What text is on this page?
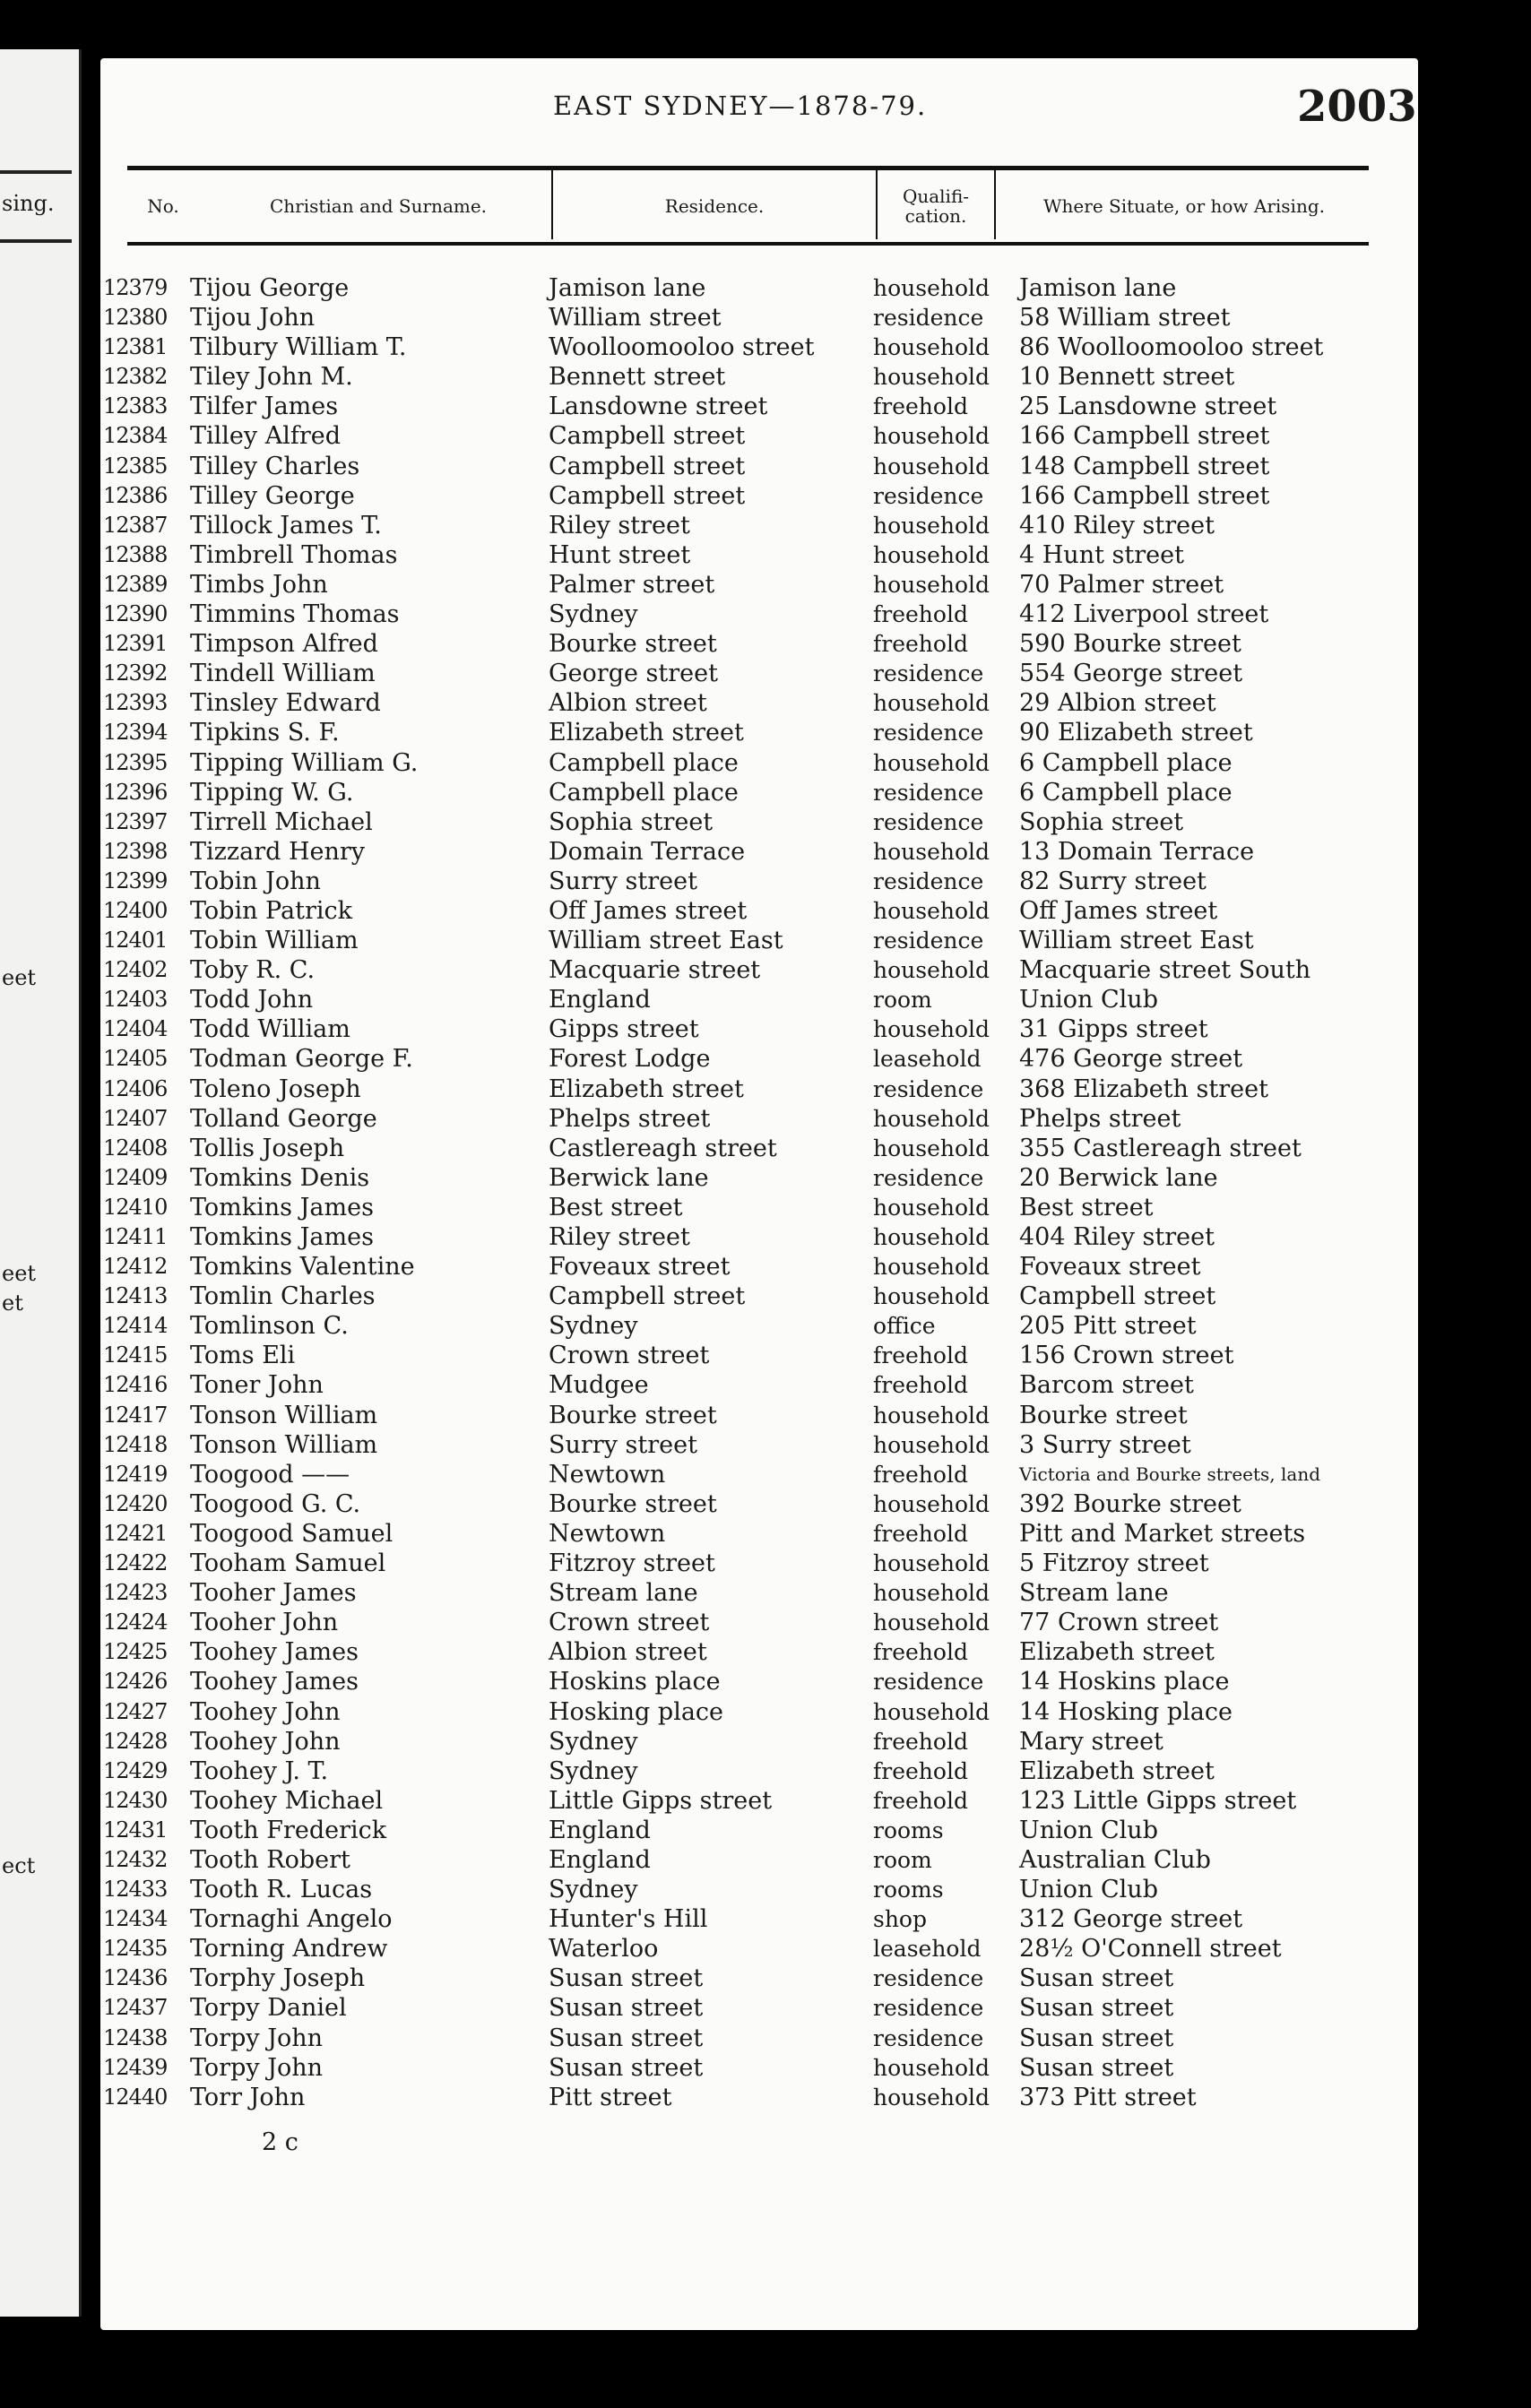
sing.
eet
eet
et
ect
EAST SYDNEY—1878-79.	2003
No.	Christian and Surname.	Residence.	Qualifi-
cation.	Where Situate, or how Arising.
12379 Tijou George	Jamison lane	household Jamison lane
12380 Tijou John	William street	residence 58 William street
12381 Tilbury William T.	Woolloomooloo street	household 86 Woolloomooloo street
12382 Tiley John M.	Bennett street	household 10 Bennett street
12383 Tilfer James	Lansdowne street	freehold 25 Lansdowne street
12384 Tilley Alfred	Campbell street	household 166 Campbell street
12385 Tilley Charles	Campbell street	household 148 Campbell street
12386 Tilley George	Campbell street	residence 166 Campbell street
12387 Tillock James T.	Riley street	household 410 Riley street
12388 Timbrell Thomas	Hunt street	household 4 Hunt street
12389 Timbs John	Palmer street	household 70 Palmer street
12390 Timmins Thomas	Sydney	freehold 412 Liverpool street
12391 Timpson Alfred	Bourke street	freehold 590 Bourke street
12392 Tindell William	George street	residence 554 George street
12393 Tinsley Edward	Albion street	household 29 Albion street
12394 Tipkins S. F.	Elizabeth street	residence 90 Elizabeth street
12395 Tipping William G.	Campbell place	household 6 Campbell place
12396 Tipping W. G.	Campbell place	residence 6 Campbell place
12397 Tirrell Michael	Sophia street	residence Sophia street
12398 Tizzard Henry	Domain Terrace	household 13 Domain Terrace
12399 Tobin John	Surry street	residence 82 Surry street
12400 Tobin Patrick	Off James street	household Off James street
12401 Tobin William	William street East	residence William street East
12402 Toby R. C.	Macquarie street	household Macquarie street South
12403 Todd John	England	room	Union Club
12404 Todd William	Gipps street	household 31 Gipps street
12405 Todman George F.	Forest Lodge	leasehold 476 George street
12406 Toleno Joseph	Elizabeth street	residence 368 Elizabeth street
12407 Tolland George	Phelps street	household Phelps street
12408 Tollis Joseph	Castlereagh street	household 355 Castlereagh street
12409 Tomkins Denis	Berwick lane	residence 20 Berwick lane
12410 Tomkins James	Best street	household Best street
12411 Tomkins James	Riley street	household 404 Riley street
12412 Tomkins Valentine	Foveaux street	household Foveaux street
12413 Tomlin Charles	Campbell street	household Campbell street
12414 Tomlinson C.	Sydney	office	205 Pitt street
12415 Toms Eli	Crown street	freehold 156 Crown street
12416 Toner John	Mudgee	freehold Barcom street
12417 Tonson William	Bourke street	household Bourke street
12418 Tonson William	Surry street	household 3 Surry street
12419 Toogood ——	Newtown	freehold	Victoria and Bourke streets, land
12420 Toogood G. C.	Bourke street	household 392 Bourke street
12421 Toogood Samuel	Newtown	freehold Pitt and Market streets
12422 Tooham Samuel	Fitzroy street	household 5 Fitzroy street
12423 Tooher James	Stream lane	household Stream lane
12424 Tooher John	Crown street	household 77 Crown street
12425 Toohey James	Albion street	freehold Elizabeth street
12426 Toohey James	Hoskins place	residence 14 Hoskins place
12427 Toohey John	Hosking place	household 14 Hosking place
12428 Toohey John	Sydney	freehold Mary street
12429 Toohey J. T.	Sydney	freehold Elizabeth street
12430 Toohey Michael	Little Gipps street	freehold 123 Little Gipps street
12431 Tooth Frederick	England	rooms	Union Club
12432 Tooth Robert	England	room	Australian Club
12433 Tooth R. Lucas	Sydney	rooms	Union Club
12434 Tornaghi Angelo	Hunter's Hill	shop	312 George street
12435 Torning Andrew	Waterloo	leasehold 28½ O'Connell street
12436 Torphy Joseph	Susan street	residence Susan street
12437 Torpy Daniel	Susan street	residence Susan street
12438 Torpy John	Susan street	residence Susan street
12439 Torpy John	Susan street	household Susan street
12440 Torr John	Pitt street	household 373 Pitt street
2 c
